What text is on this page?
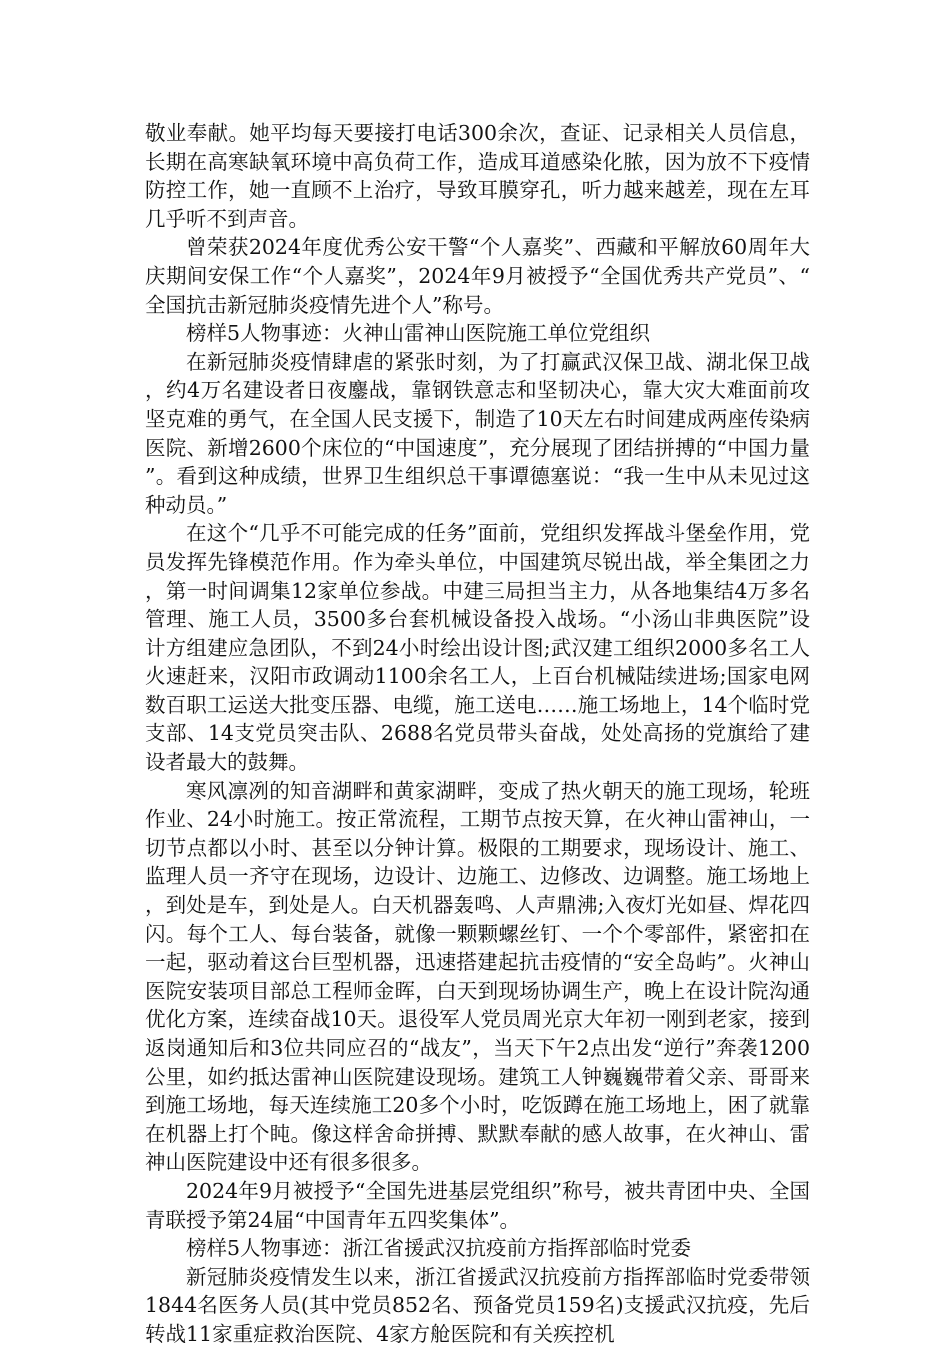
敬业奉献。她平均每天要接打电话300余次，查证、记录相关人员信息，长期在高寒缺氧环境中高负荷工作，造成耳道感染化脓，因为放不下疫情防控工作，她一直顾不上治疗，导致耳膜穿孔，听力越来越差，现在左耳几乎听不到声音。

曾荣获2024年度优秀公安干警“个人嘉奖”、西藏和平解放60周年大庆期间安保工作“个人嘉奖”，2024年9月被授予“全国优秀共产党员”、“全国抗击新冠肺炎疫情先进个人”称号。

榜样5人物事迹：火神山雷神山医院施工单位党组织

在新冠肺炎疫情肆虐的紧张时刻，为了打赢武汉保卫战、湖北保卫战，约4万名建设者日夜鏖战，靠钢铁意志和坚韧决心，靠大灾大难面前攻坚克难的勇气，在全国人民支援下，制造了10天左右时间建成两座传染病医院、新增2600个床位的“中国速度”，充分展现了团结拼搏的“中国力量”。看到这种成绩，世界卫生组织总干事谭德塞说：“我一生中从未见过这种动员。”

在这个“几乎不可能完成的任务”面前，党组织发挥战斗堡垒作用，党员发挥先锋模范作用。作为牵头单位，中国建筑尽锐出战，举全集团之力，第一时间调集12家单位参战。中建三局担当主力，从各地集结4万多名管理、施工人员，3500多台套机械设备投入战场。“小汤山非典医院”设计方组建应急团队，不到24小时绘出设计图;武汉建工组织2000多名工人火速赶来，汉阳市政调动1100余名工人，上百台机械陆续进场;国家电网数百职工运送大批变压器、电缆，施工送电……施工场地上，14个临时党支部、14支党员突击队、2688名党员带头奋战，处处高扬的党旗给了建设者最大的鼓舞。

寒风凛冽的知音湖畔和黄家湖畔，变成了热火朝天的施工现场，轮班作业、24小时施工。按正常流程，工期节点按天算，在火神山雷神山，一切节点都以小时、甚至以分钟计算。极限的工期要求，现场设计、施工、监理人员一齐守在现场，边设计、边施工、边修改、边调整。施工场地上，到处是车，到处是人。白天机器轰鸣、人声鼎沸;入夜灯光如昼、焊花四闪。每个工人、每台装备，就像一颗颗螺丝钉、一个个零部件，紧密扣在一起，驱动着这台巨型机器，迅速搭建起抗击疫情的“安全岛屿”。火神山医院安装项目部总工程师金晖，白天到现场协调生产，晚上在设计院沟通优化方案，连续奋战10天。退役军人党员周光京大年初一刚到老家，接到返岗通知后和3位共同应召的“战友”，当天下午2点出发“逆行”奔袭1200公里，如约抵达雷神山医院建设现场。建筑工人钟巍巍带着父亲、哥哥来到施工场地，每天连续施工20多个小时，吃饭蹲在施工场地上，困了就靠在机器上打个盹。像这样舍命拼搏、默默奉献的感人故事，在火神山、雷神山医院建设中还有很多很多。

2024年9月被授予“全国先进基层党组织”称号，被共青团中央、全国青联授予第24届“中国青年五四奖集体”。

榜样5人物事迹：浙江省援武汉抗疫前方指挥部临时党委

新冠肺炎疫情发生以来，浙江省援武汉抗疫前方指挥部临时党委带领1844名医务人员(其中党员852名、预备党员159名)支援武汉抗疫，先后转战11家重症救治医院、4家方舱医院和有关疾控机
